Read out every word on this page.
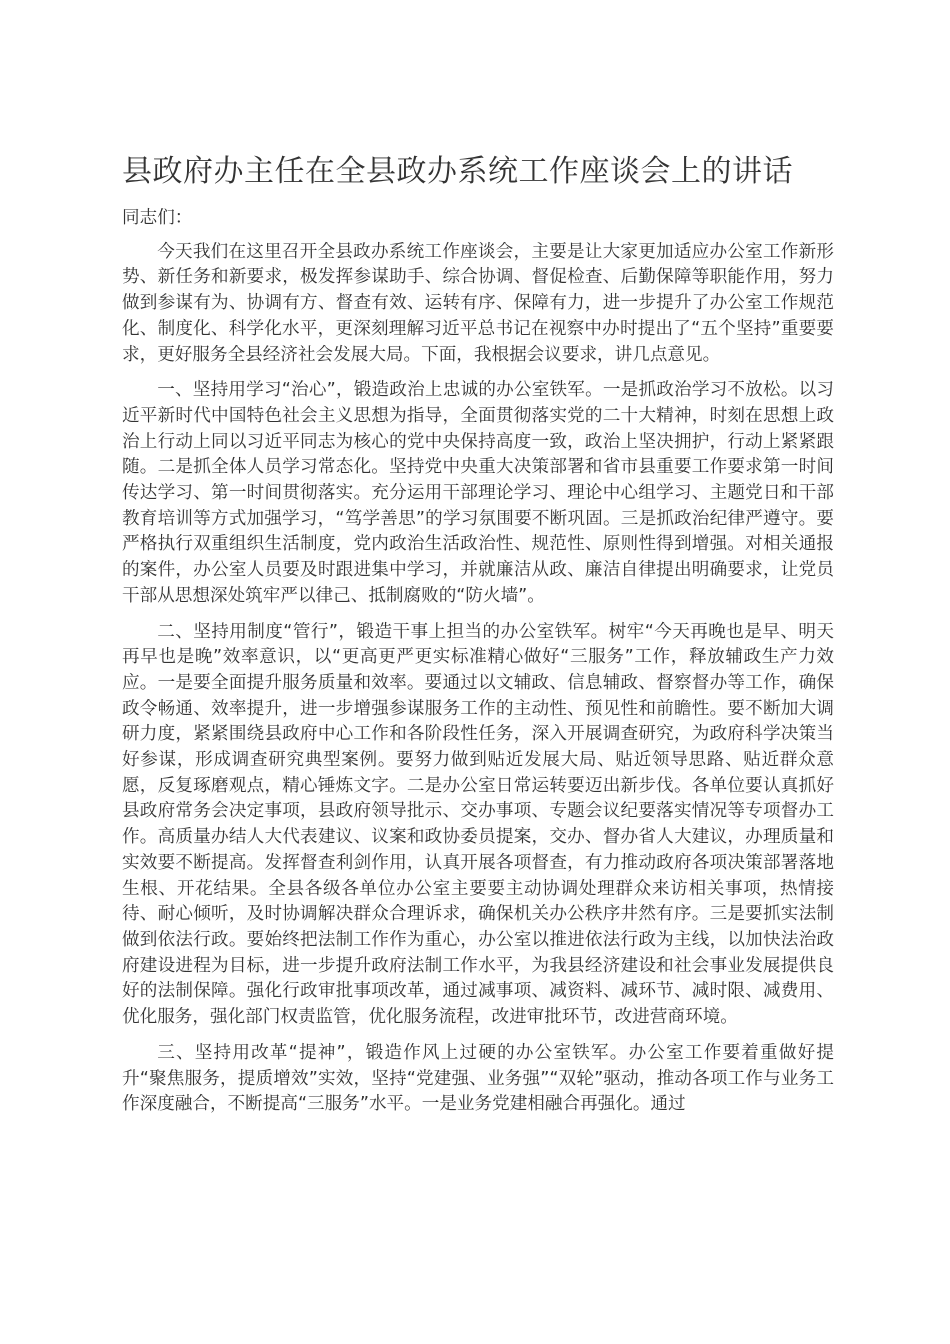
县政府办主任在全县政办系统工作座谈会上的讲话
同志们：

今天我们在这里召开全县政办系统工作座谈会，主要是让大家更加适应办公室工作新形势、新任务和新要求，极发挥参谋助手、综合协调、督促检查、后勤保障等职能作用，努力做到参谋有为、协调有方、督查有效、运转有序、保障有力，进一步提升了办公室工作规范化、制度化、科学化水平，更深刻理解习近平总书记在视察中办时提出了“五个坚持”重要要求，更好服务全县经济社会发展大局。下面，我根据会议要求，讲几点意见。

一、坚持用学习“治心”，锻造政治上忠诚的办公室铁军。一是抓政治学习不放松。以习近平新时代中国特色社会主义思想为指导，全面贯彻落实党的二十大精神，时刻在思想上政治上行动上同以习近平同志为核心的党中央保持高度一致，政治上坚决拥护，行动上紧紧跟随。二是抓全体人员学习常态化。坚持党中央重大决策部署和省市县重要工作要求第一时间传达学习、第一时间贯彻落实。充分运用干部理论学习、理论中心组学习、主题党日和干部教育培训等方式加强学习，“笃学善思”的学习氛围要不断巩固。三是抓政治纪律严遵守。要严格执行双重组织生活制度，党内政治生活政治性、规范性、原则性得到增强。对相关通报的案件，办公室人员要及时跟进集中学习，并就廉洁从政、廉洁自律提出明确要求，让党员干部从思想深处筑牢严以律己、抵制腐败的“防火墙”。

二、坚持用制度“管行”，锻造干事上担当的办公室铁军。树牢“今天再晚也是早、明天再早也是晚”效率意识，以“更高更严更实标准精心做好“三服务”工作，释放辅政生产力效应。一是要全面提升服务质量和效率。要通过以文辅政、信息辅政、督察督办等工作，确保政令畅通、效率提升，进一步增强参谋服务工作的主动性、预见性和前瞻性。要不断加大调研力度，紧紧围绕县政府中心工作和各阶段性任务，深入开展调查研究，为政府科学决策当好参谋，形成调查研究典型案例。要努力做到贴近发展大局、贴近领导思路、贴近群众意愿，反复琢磨观点，精心锤炼文字。二是办公室日常运转要迈出新步伐。各单位要认真抓好县政府常务会决定事项，县政府领导批示、交办事项、专题会议纪要落实情况等专项督办工作。高质量办结人大代表建议、议案和政协委员提案，交办、督办省人大建议，办理质量和实效要不断提高。发挥督查利剑作用，认真开展各项督查，有力推动政府各项决策部署落地生根、开花结果。全县各级各单位办公室主要要主动协调处理群众来访相关事项，热情接待、耐心倾听，及时协调解决群众合理诉求，确保机关办公秩序井然有序。三是要抓实法制做到依法行政。要始终把法制工作作为重心，办公室以推进依法行政为主线，以加快法治政府建设进程为目标，进一步提升政府法制工作水平，为我县经济建设和社会事业发展提供良好的法制保障。强化行政审批事项改革，通过减事项、减资料、减环节、减时限、减费用、优化服务，强化部门权责监管，优化服务流程，改进审批环节，改进营商环境。

三、坚持用改革“提神”，锻造作风上过硬的办公室铁军。办公室工作要着重做好提升“聚焦服务，提质增效”实效，坚持“党建强、业务强”“双轮”驱动，推动各项工作与业务工作深度融合，不断提高“三服务”水平。一是业务党建相融合再强化。通过
